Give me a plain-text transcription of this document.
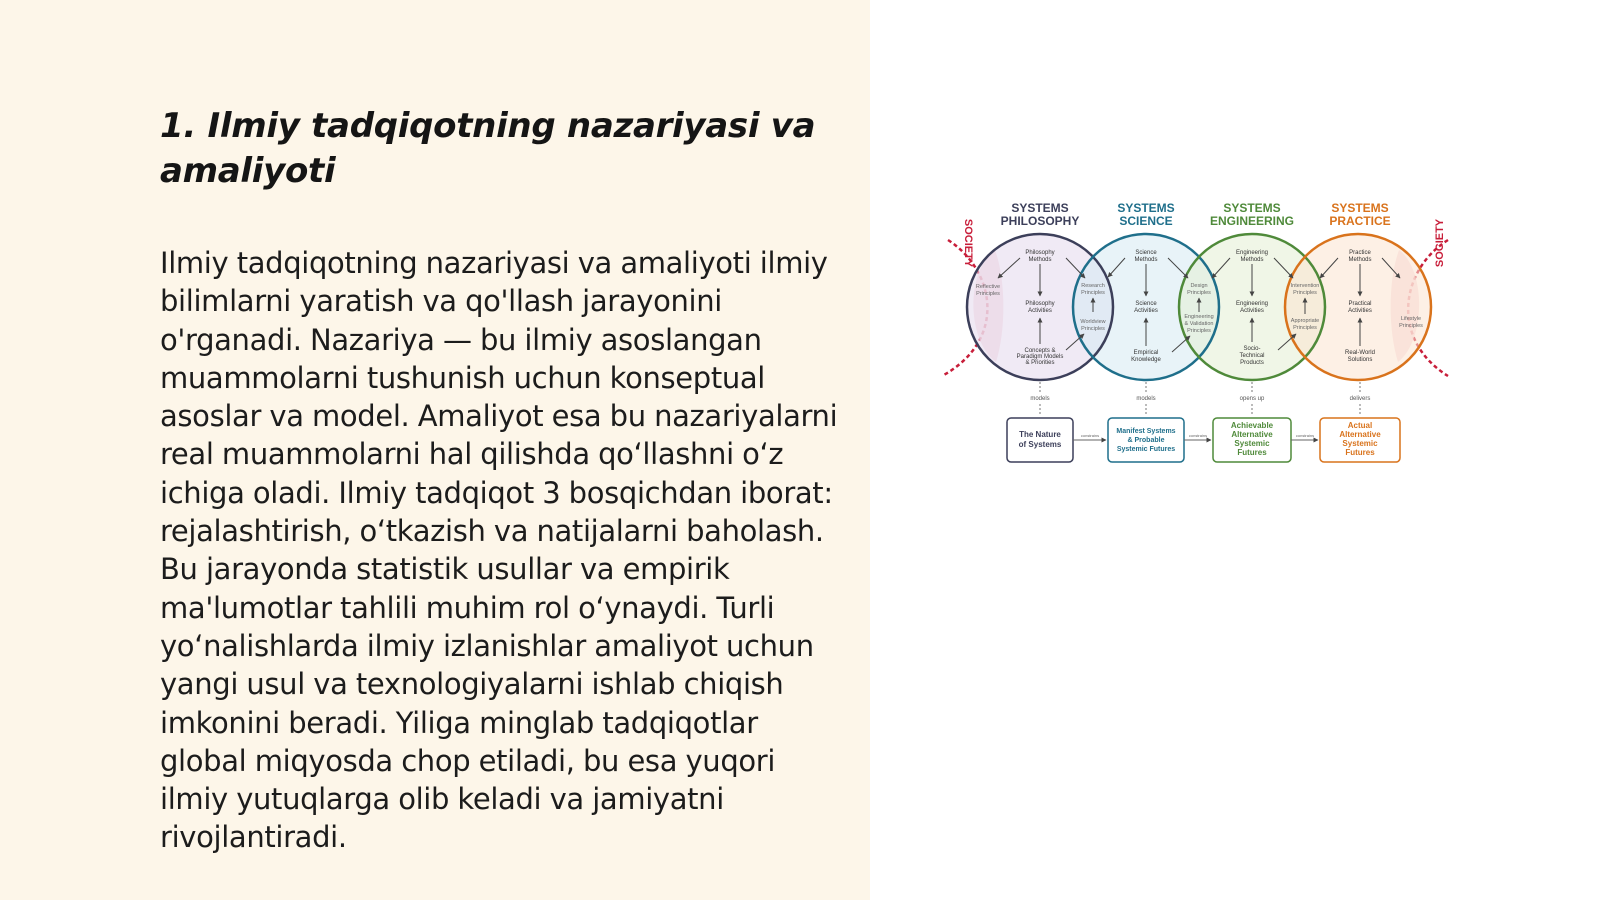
1. Ilmiy tadqiqotning nazariyasi va amaliyoti

Ilmiy tadqiqotning nazariyasi va amaliyoti ilmiy bilimlarni yaratish va qo'llash jarayonini o'rganadi. Nazariya — bu ilmiy asoslangan muammolarni tushunish uchun konseptual asoslar va model. Amaliyot esa bu nazariyalarni real muammolarni hal qilishda qo‘llashni o‘z ichiga oladi. Ilmiy tadqiqot 3 bosqichdan iborat: rejalashtirish, o‘tkazish va natijalarni baholash. Bu jarayonda statistik usullar va empirik ma'lumotlar tahlili muhim rol o‘ynaydi. Turli yo‘nalishlarda ilmiy izlanishlar amaliyot uchun yangi usul va texnologiyalarni ishlab chiqish imkonini beradi. Yiliga minglab tadqiqotlar global miqyosda chop etiladi, bu esa yuqori ilmiy yutuqlarga olib keladi va jamiyatni rivojlantiradi.

SOCIETY	SOCIETY
SYSTEMS
PHILOSOPHY
SYSTEMS
SCIENCE
SYSTEMS
ENGINEERING
SYSTEMS
PRACTICE
Philosophy
Methods
Philosophy
Activities
Concepts &
Paradigm Models
& Priorities
Science
Methods
Science
Activities
Empirical
Knowledge
Engineering
Methods
Engineering
Activities
Socio-
Technical
Products
Practice
Methods
Practical
Activities
Real-World
Solutions
Reflective
Principles
Research
Principles
Worldview
Principles
Design
Principles
Engineering
& Validation
Principles
Intervention
Principles
Appropriate
Principles
Lifestyle
Principles
models	models	opens up	delivers
The Nature
of Systems
Manifest Systems
& Probable
Systemic Futures
Achievable
Alternative
Systemic
Futures
Actual
Alternative
Systemic
Futures
constrains	constrains	constrains
